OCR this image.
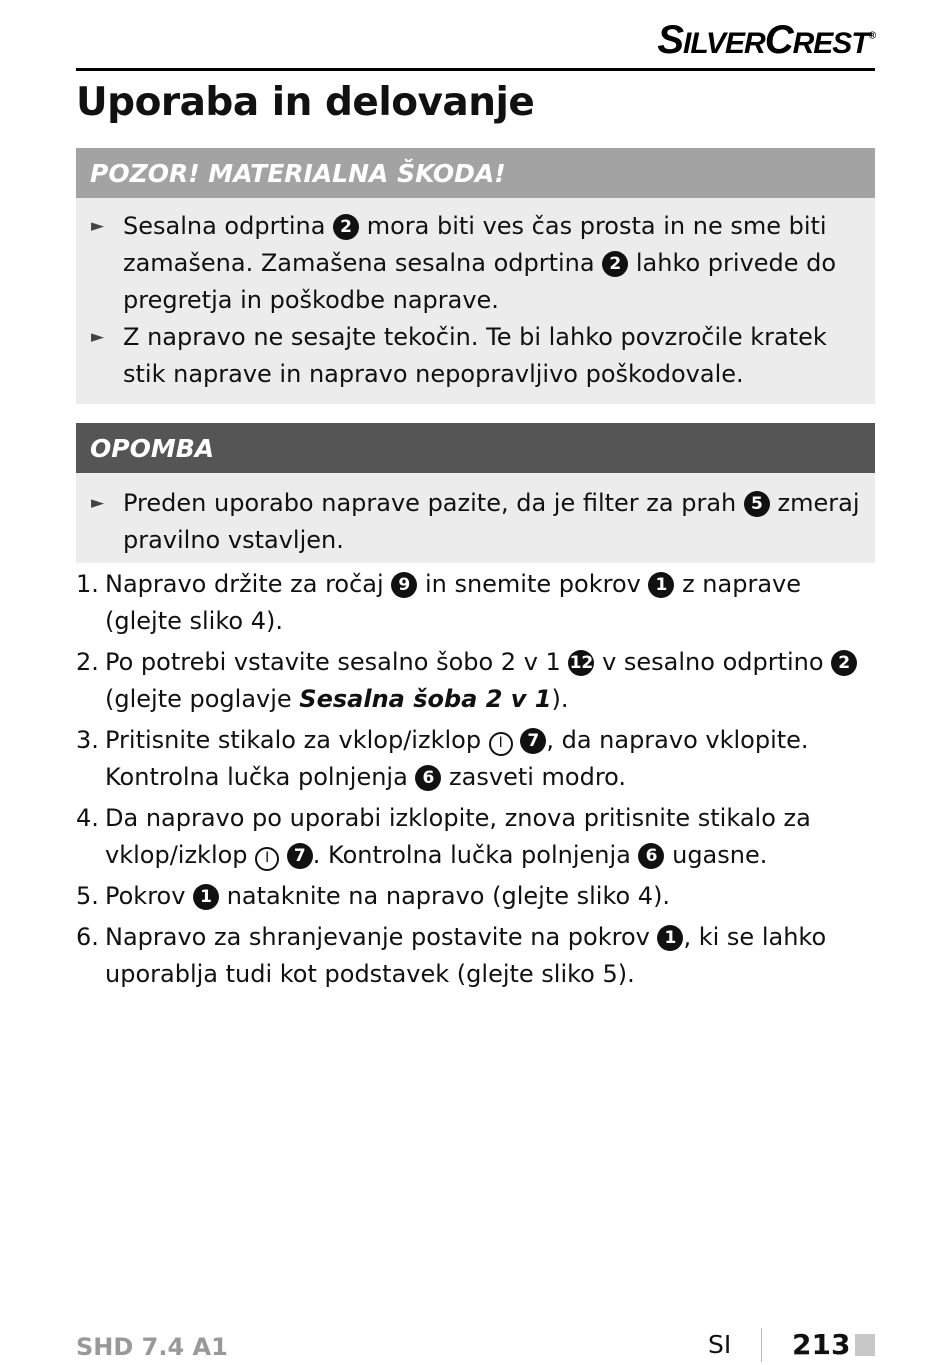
SILVERCREST®
Uporaba in delovanje
POZOR! MATERIALNA ŠKODA!
► Sesalna odprtina 2 mora biti ves čas prosta in ne sme biti zamašena. Zamašena sesalna odprtina 2 lahko privede do pregretja in poškodbe naprave.
► Z napravo ne sesajte tekočin. Te bi lahko povzročile kratek stik naprave in napravo nepopravljivo poškodovale.
OPOMBA
► Preden uporabo naprave pazite, da je filter za prah 5 zmeraj pravilno vstavljen.
1. Napravo držite za ročaj 9 in snemite pokrov 1 z naprave (glejte sliko 4).
2. Po potrebi vstavite sesalno šobo 2 v 1 12 v sesalno odprtino 2 (glejte poglavje Sesalna šoba 2 v 1).
3. Pritisnite stikalo za vklop/izklop I 7 , da napravo vklopite. Kontrolna lučka polnjenja 6 zasveti modro.
4. Da napravo po uporabi izklopite, znova pritisnite stikalo za vklop/izklop I 7 . Kontrolna lučka polnjenja 6 ugasne.
5. Pokrov 1 nataknite na napravo (glejte sliko 4).
6. Napravo za shranjevanje postavite na pokrov 1 , ki se lahko uporablja tudi kot podstavek (glejte sliko 5).
SHD 7.4 A1	SI 213
